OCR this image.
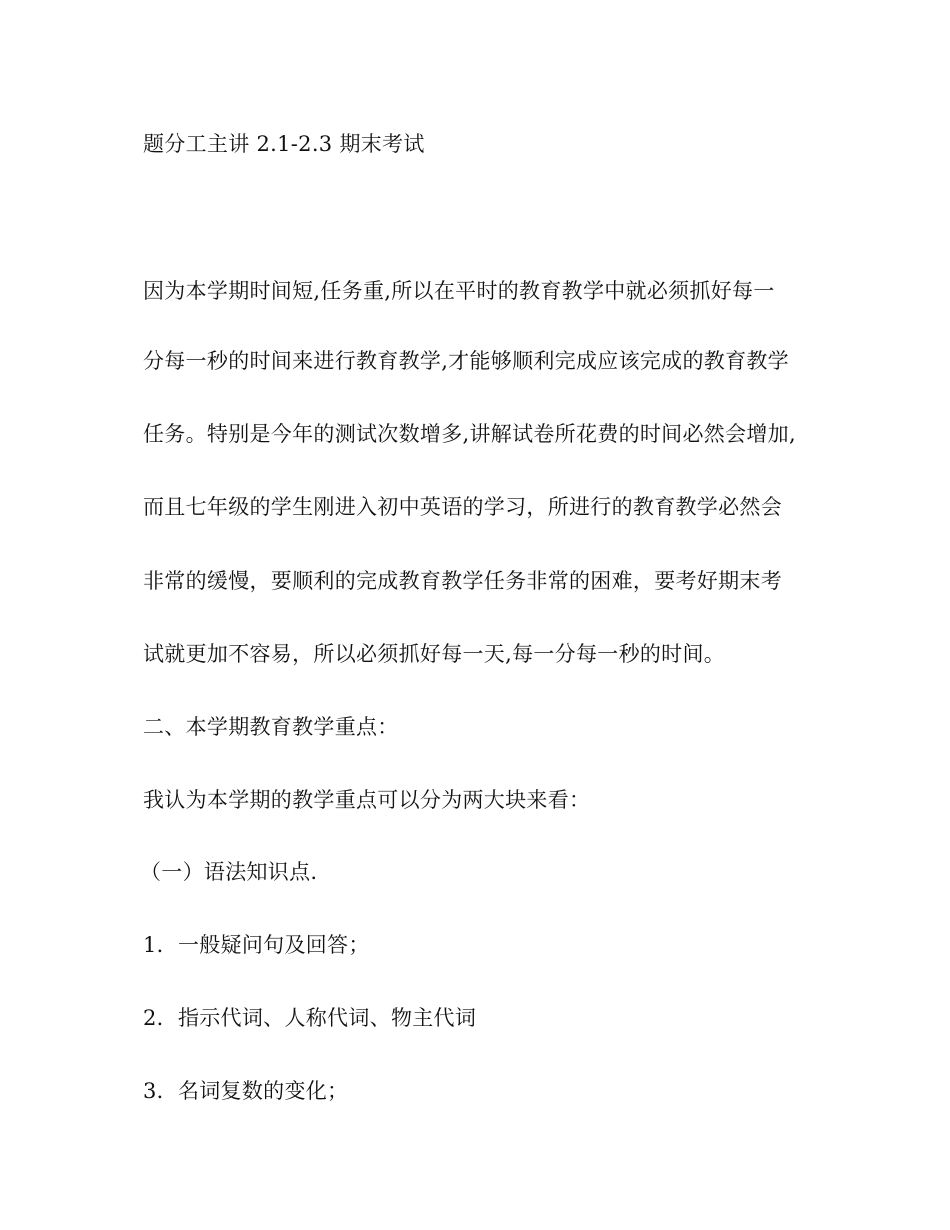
题分工主讲 2.1-2.3 期末考试

因为本学期时间短,任务重,所以在平时的教育教学中就必须抓好每一

分每一秒的时间来进行教育教学,才能够顺利完成应该完成的教育教学

任务。特别是今年的测试次数增多,讲解试卷所花费的时间必然会增加,

而且七年级的学生刚进入初中英语的学习，所进行的教育教学必然会

非常的缓慢，要顺利的完成教育教学任务非常的困难，要考好期末考

试就更加不容易，所以必须抓好每一天,每一分每一秒的时间。

二、本学期教育教学重点：

我认为本学期的教学重点可以分为两大块来看：

（一）语法知识点.

1．一般疑问句及回答；

2．指示代词、人称代词、物主代词

3．名词复数的变化；
